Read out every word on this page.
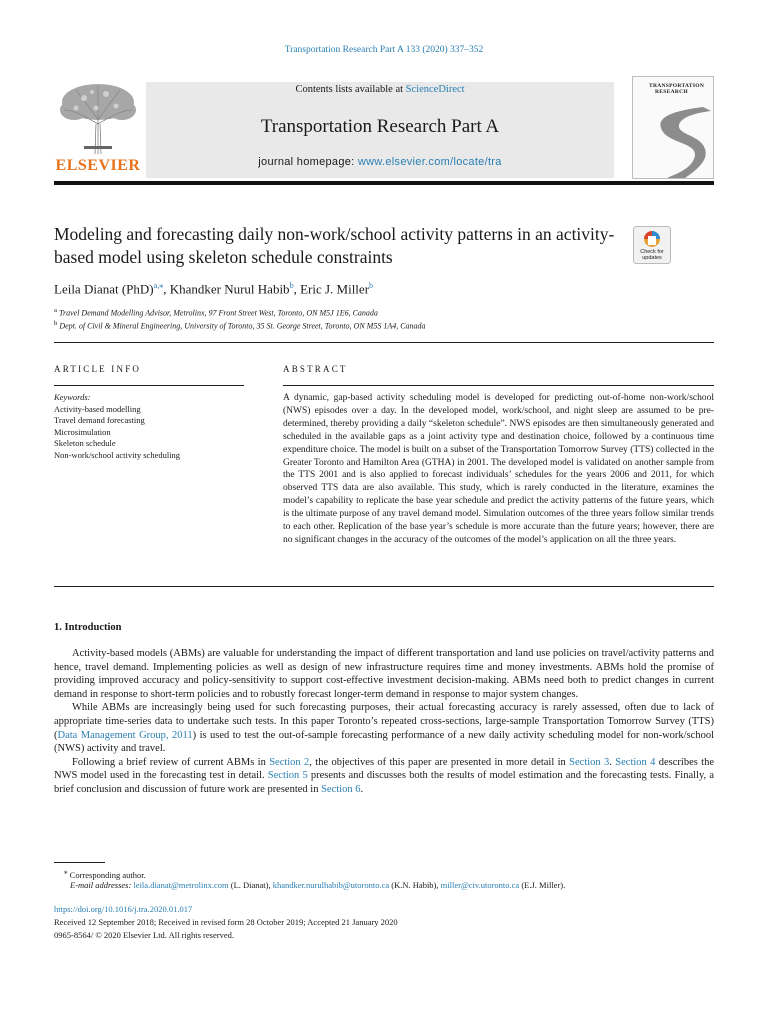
Transportation Research Part A 133 (2020) 337–352
ELSEVIER
Contents lists available at ScienceDirect
Transportation Research Part A
journal homepage: www.elsevier.com/locate/tra
TRANSPORTATION
RESEARCH
Modeling and forecasting daily non-work/school activity patterns in an activity-based model using skeleton schedule constraints	Check for
updates
Leila Dianat (PhD)$^{a,⁎}$, Khandker Nurul Habib$^b$, Eric J. Miller$^b$
$^a$ Travel Demand Modelling Advisor, Metrolinx, 97 Front Street West, Toronto, ON M5J 1E6, Canada
$^b$ Dept. of Civil & Mineral Engineering, University of Toronto, 35 St. George Street, Toronto, ON M5S 1A4, Canada
ARTICLE INFO
Keywords:
Activity-based modelling
Travel demand forecasting
Microsimulation
Skeleton schedule
Non-work/school activity scheduling
ABSTRACT
A dynamic, gap-based activity scheduling model is developed for predicting out-of-home non-work/school (NWS) episodes over a day. In the developed model, work/school, and night sleep are assumed to be pre-determined, thereby providing a daily “skeleton schedule”. NWS episodes are then simultaneously generated and scheduled in the available gaps as a joint activity type and destination choice, followed by a continuous time expenditure choice. The model is built on a subset of the Transportation Tomorrow Survey (TTS) collected in the Greater Toronto and Hamilton Area (GTHA) in 2001. The developed model is validated on another sample from the TTS 2001 and is also applied to forecast individuals’ schedules for the years 2006 and 2011, for which observed TTS data are also available. This study, which is rarely conducted in the literature, examines the model’s capability to replicate the base year schedule and predict the activity patterns of the future years, which is the ultimate purpose of any travel demand model. Simulation outcomes of the three years follow similar trends to each other. Replication of the base year’s schedule is more accurate than the future years; however, there are no significant changes in the accuracy of the outcomes of the model’s application on all the three years.
1. Introduction

Activity-based models (ABMs) are valuable for understanding the impact of different transportation and land use policies on travel/activity patterns and hence, travel demand. Implementing policies as well as design of new infrastructure requires time and money investments. ABMs hold the promise of providing improved accuracy and policy-sensitivity to support cost-effective investment decision-making. ABMs need both to predict changes in current demand in response to short-term policies and to robustly forecast longer-term demand in response to major system changes.

While ABMs are increasingly being used for such forecasting purposes, their actual forecasting accuracy is rarely assessed, often due to lack of appropriate time-series data to undertake such tests. In this paper Toronto’s repeated cross-sections, large-sample Transportation Tomorrow Survey (TTS) (Data Management Group, 2011) is used to test the out-of-sample forecasting performance of a new daily activity scheduling model for non-work/school (NWS) activity and travel.

Following a brief review of current ABMs in Section 2, the objectives of this paper are presented in more detail in Section 3. Section 4 describes the NWS model used in the forecasting test in detail. Section 5 presents and discusses both the results of model estimation and the forecasting tests. Finally, a brief conclusion and discussion of future work are presented in Section 6.

⁎ Corresponding author.
E-mail addresses: leila.dianat@metrolinx.com (L. Dianat), khandker.nurulhabib@utoronto.ca (K.N. Habib), miller@civ.utoronto.ca (E.J. Miller).
https://doi.org/10.1016/j.tra.2020.01.017
Received 12 September 2018; Received in revised form 28 October 2019; Accepted 21 January 2020
0965-8564/ © 2020 Elsevier Ltd. All rights reserved.
